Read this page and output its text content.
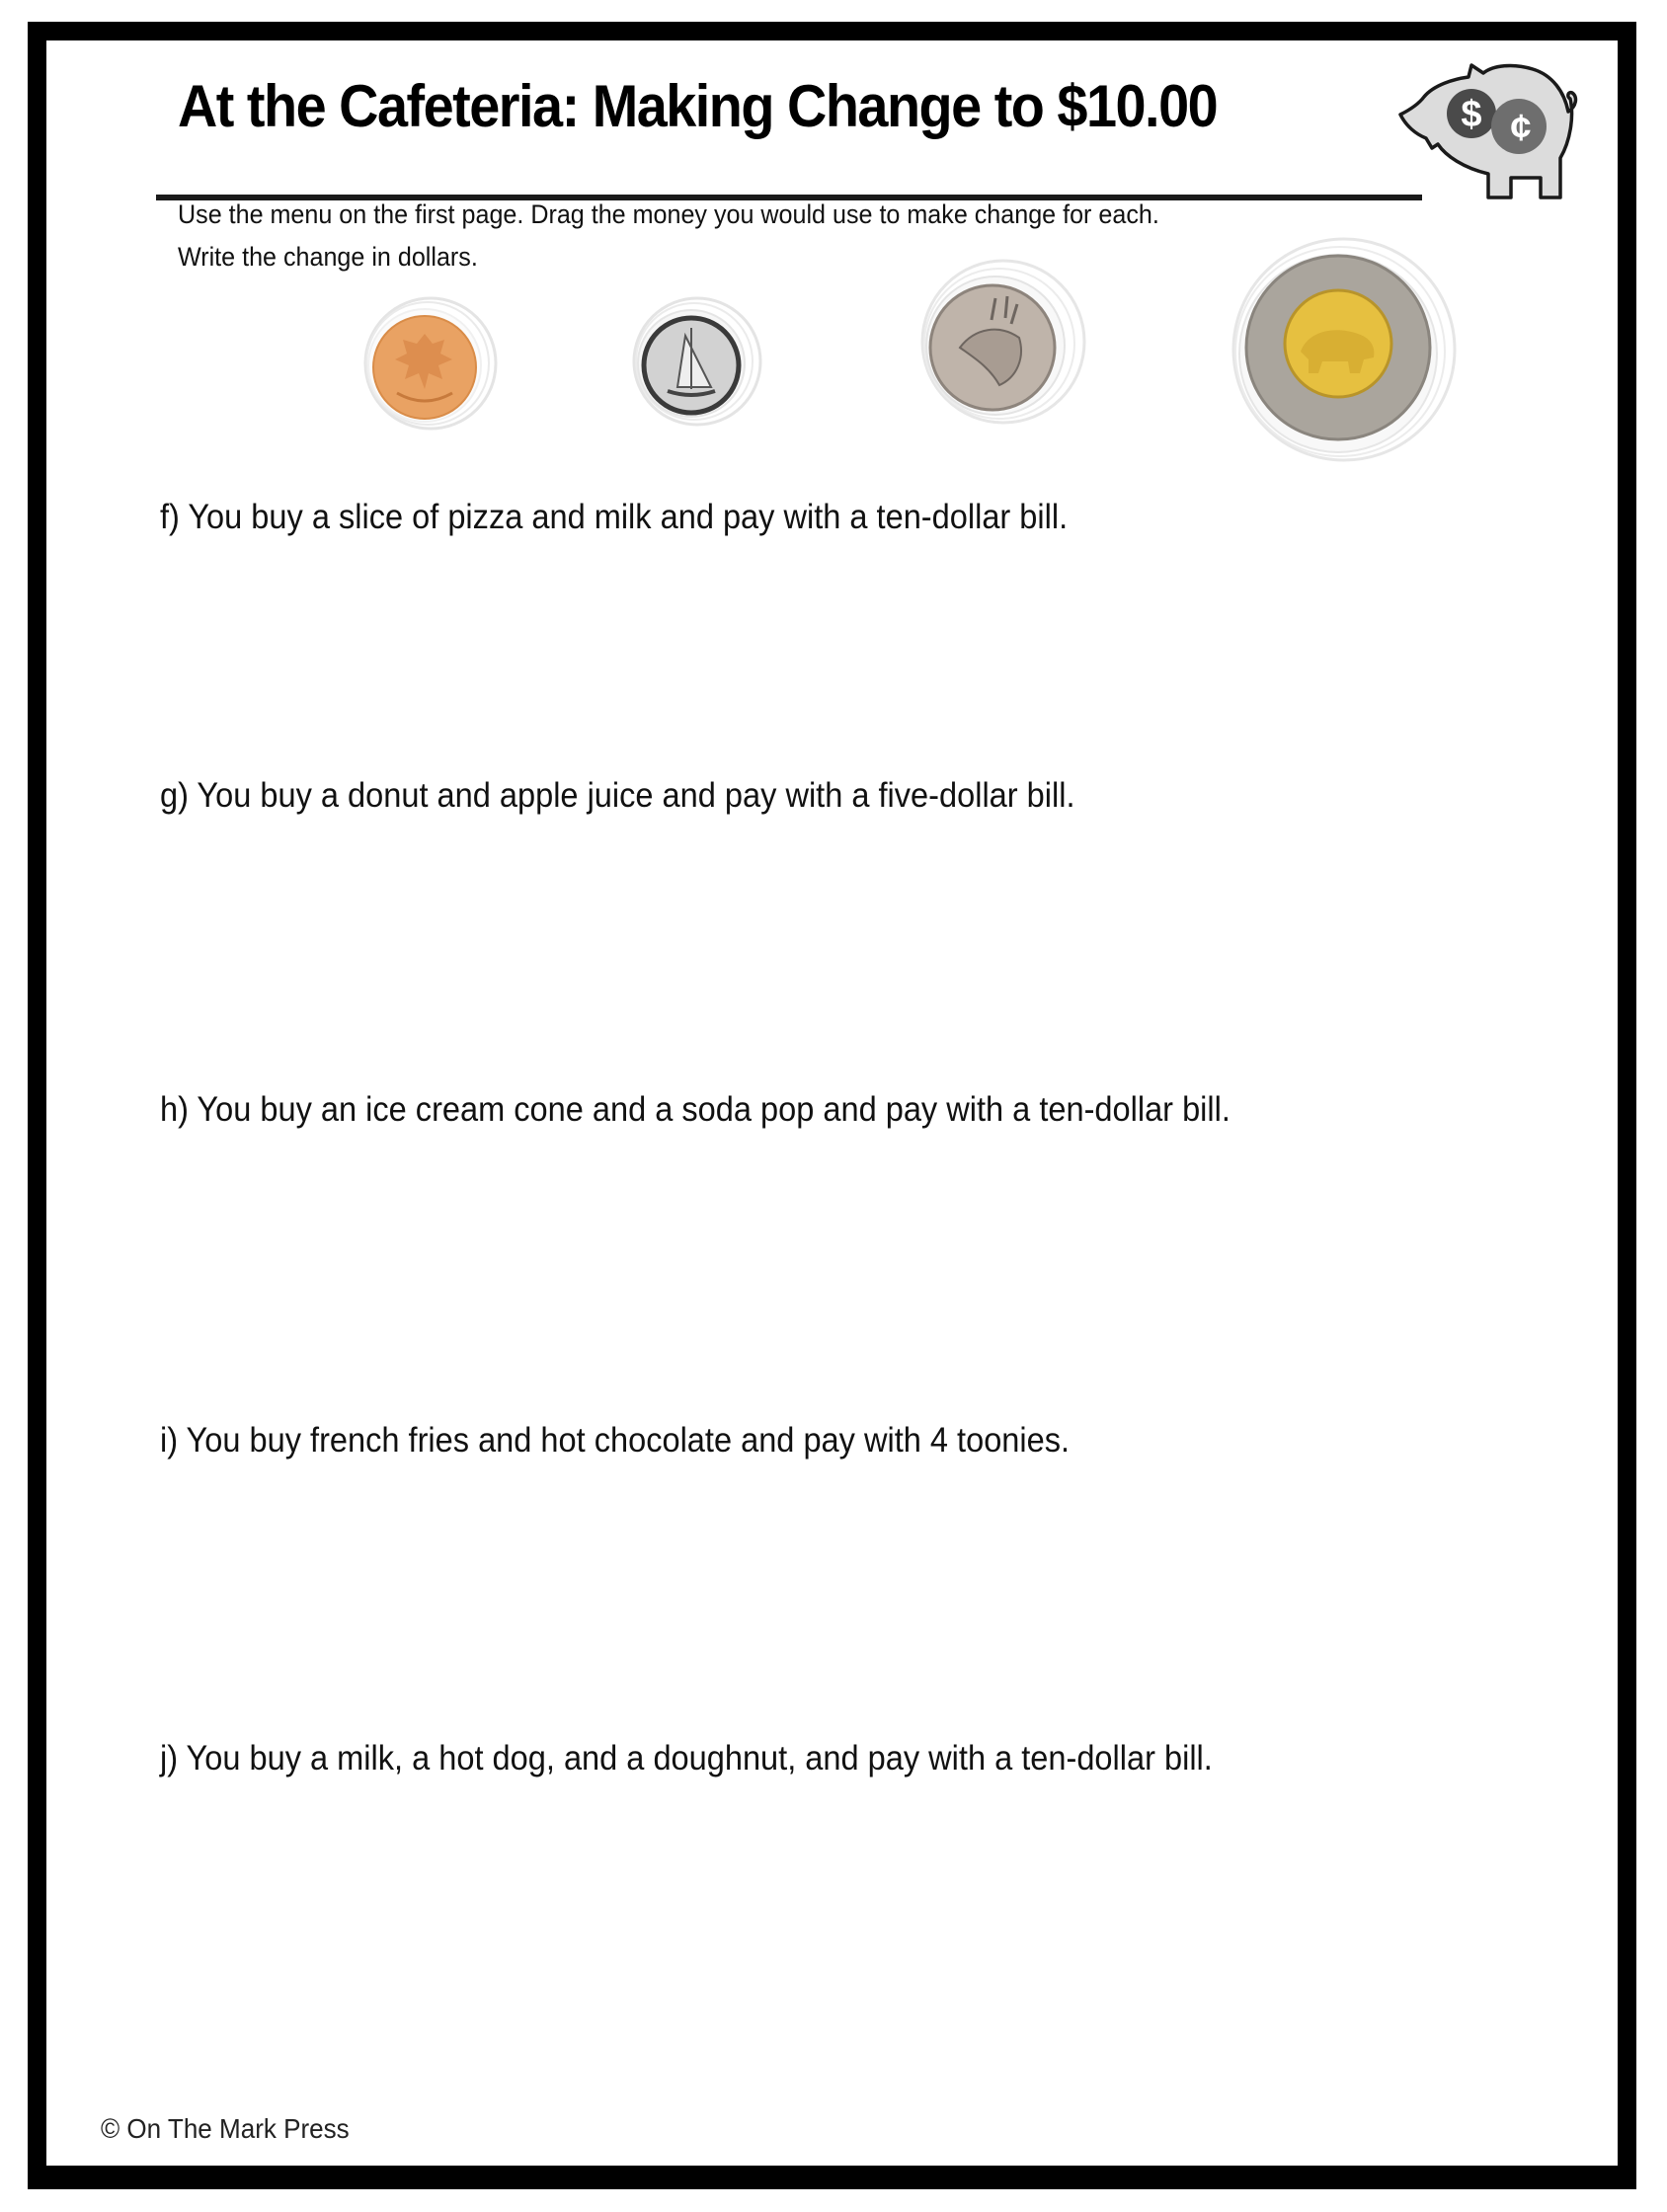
At the Cafeteria: Making Change to $10.00	$ ¢
Use the menu on the first page. Drag the money you would use to make change for each.
Write the change in dollars.
f) You buy a slice of pizza and milk and pay with a ten-dollar bill.
g) You buy a donut and apple juice and pay with a five-dollar bill.
h) You buy an ice cream cone and a soda pop and pay with a ten-dollar bill.
i) You buy french fries and hot chocolate and pay with 4 toonies.
j) You buy a milk, a hot dog, and a doughnut, and pay with a ten-dollar bill.
© On The Mark Press
